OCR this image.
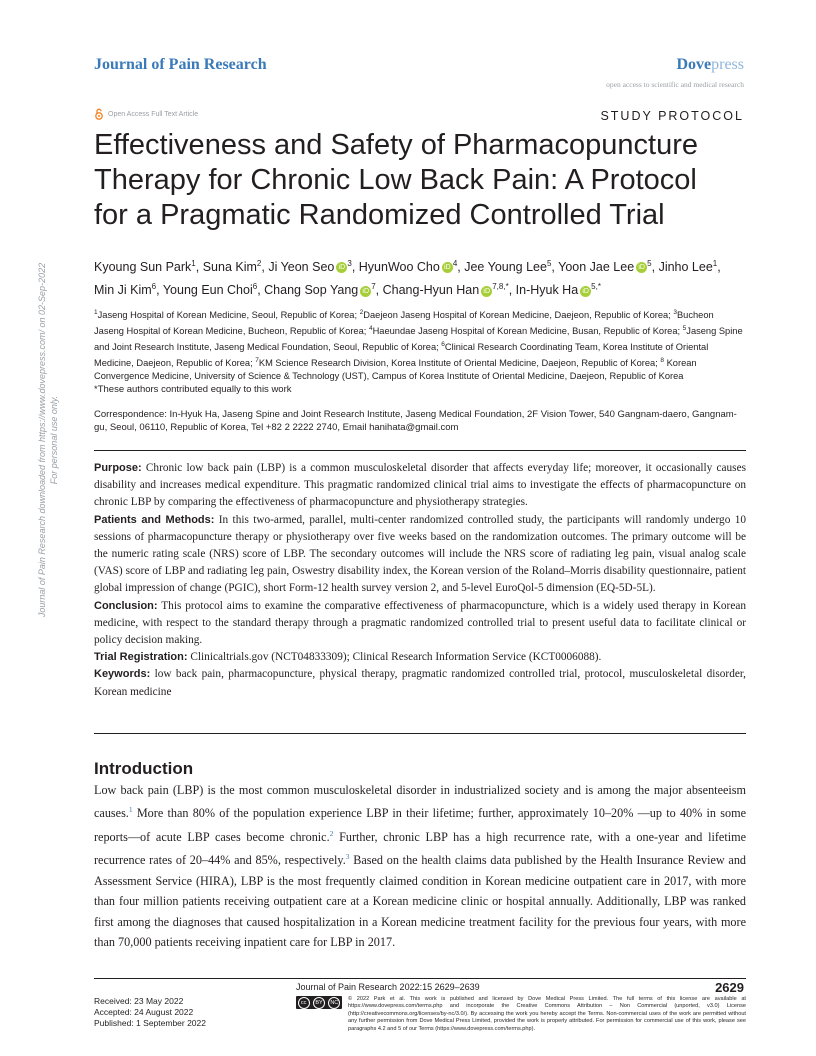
Journal of Pain Research	Dovepress
open access to scientific and medical research
Open Access Full Text Article	STUDY PROTOCOL
Effectiveness and Safety of Pharmacopuncture
Therapy for Chronic Low Back Pain: A Protocol
for a Pragmatic Randomized Controlled Trial
Kyoung Sun Park$^1$, Suna Kim$^2$, Ji Yeon Seo iD $^3$, HyunWoo Cho iD $^4$, Jee Young Lee$^5$, Yoon Jae Lee iD $^5$, Jinho Lee$^1$, Min Ji Kim$^6$, Young Eun Choi$^6$, Chang Sop Yang iD $^7$, Chang-Hyun Han iD $^{7,8,*}$, In-Hyuk Ha iD $^{5,*}$
$^1$Jaseng Hospital of Korean Medicine, Seoul, Republic of Korea; $^2$Daejeon Jaseng Hospital of Korean Medicine, Daejeon, Republic of Korea; $^3$Bucheon Jaseng Hospital of Korean Medicine, Bucheon, Republic of Korea; $^4$Haeundae Jaseng Hospital of Korean Medicine, Busan, Republic of Korea; $^5$Jaseng Spine and Joint Research Institute, Jaseng Medical Foundation, Seoul, Republic of Korea; $^6$Clinical Research Coordinating Team, Korea Institute of Oriental Medicine, Daejeon, Republic of Korea; $^7$KM Science Research Division, Korea Institute of Oriental Medicine, Daejeon, Republic of Korea; $^8$ Korean Convergence Medicine, University of Science & Technology (UST), Campus of Korea Institute of Oriental Medicine, Daejeon, Republic of Korea
*These authors contributed equally to this work
Correspondence: In-Hyuk Ha, Jaseng Spine and Joint Research Institute, Jaseng Medical Foundation, 2F Vision Tower, 540 Gangnam-daero, Gangnam-gu, Seoul, 06110, Republic of Korea, Tel +82 2 2222 2740, Email hanihata@gmail.com

Purpose: Chronic low back pain (LBP) is a common musculoskeletal disorder that affects everyday life; moreover, it occasionally causes disability and increases medical expenditure. This pragmatic randomized clinical trial aims to investigate the effects of pharmacopuncture on chronic LBP by comparing the effectiveness of pharmacopuncture and physiotherapy strategies.

Patients and Methods: In this two-armed, parallel, multi-center randomized controlled study, the participants will randomly undergo 10 sessions of pharmacopuncture therapy or physiotherapy over five weeks based on the randomization outcomes. The primary outcome will be the numeric rating scale (NRS) score of LBP. The secondary outcomes will include the NRS score of radiating leg pain, visual analog scale (VAS) score of LBP and radiating leg pain, Oswestry disability index, the Korean version of the Roland–Morris disability questionnaire, patient global impression of change (PGIC), short Form-12 health survey version 2, and 5-level EuroQol-5 dimension (EQ-5D-5L).

Conclusion: This protocol aims to examine the comparative effectiveness of pharmacopuncture, which is a widely used therapy in Korean medicine, with respect to the standard therapy through a pragmatic randomized controlled trial to present useful data to facilitate clinical or policy decision making.

Trial Registration: Clinicaltrials.gov (NCT04833309); Clinical Research Information Service (KCT0006088).

Keywords: low back pain, pharmacopuncture, physical therapy, pragmatic randomized controlled trial, protocol, musculoskeletal disorder, Korean medicine

Introduction
Low back pain (LBP) is the most common musculoskeletal disorder in industrialized society and is among the major absenteeism causes.$^1$ More than 80% of the population experience LBP in their lifetime; further, approximately 10–20% —up to 40% in some reports—of acute LBP cases become chronic.$^2$ Further, chronic LBP has a high recurrence rate, with a one-year and lifetime recurrence rates of 20–44% and 85%, respectively.$^3$ Based on the health claims data published by the Health Insurance Review and Assessment Service (HIRA), LBP is the most frequently claimed condition in Korean medicine outpatient care in 2017, with more than four million patients receiving outpatient care at a Korean medicine clinic or hospital annually. Additionally, LBP was ranked first among the diagnoses that caused hospitalization in a Korean medicine treatment facility for the previous four years, with more than 70,000 patients receiving inpatient care for LBP in 2017.
Journal of Pain Research downloaded from https://www.dovepress.com/ on 02-Sep-2022 For personal use only.
Received: 23 May 2022
Accepted: 24 August 2022
Published: 1 September 2022
Journal of Pain Research 2022:15 2629–2639	2629
cc	BY	NC
© 2022 Park et al. This work is published and licensed by Dove Medical Press Limited. The full terms of this license are available at https://www.dovepress.com/terms.php and incorporate the Creative Commons Attribution – Non Commercial (unported, v3.0) License (http://creativecommons.org/licenses/by-nc/3.0/). By accessing the work you hereby accept the Terms. Non-commercial uses of the work are permitted without any further permission from Dove Medical Press Limited, provided the work is properly attributed. For permission for commercial use of this work, please see paragraphs 4.2 and 5 of our Terms (https://www.dovepress.com/terms.php).
